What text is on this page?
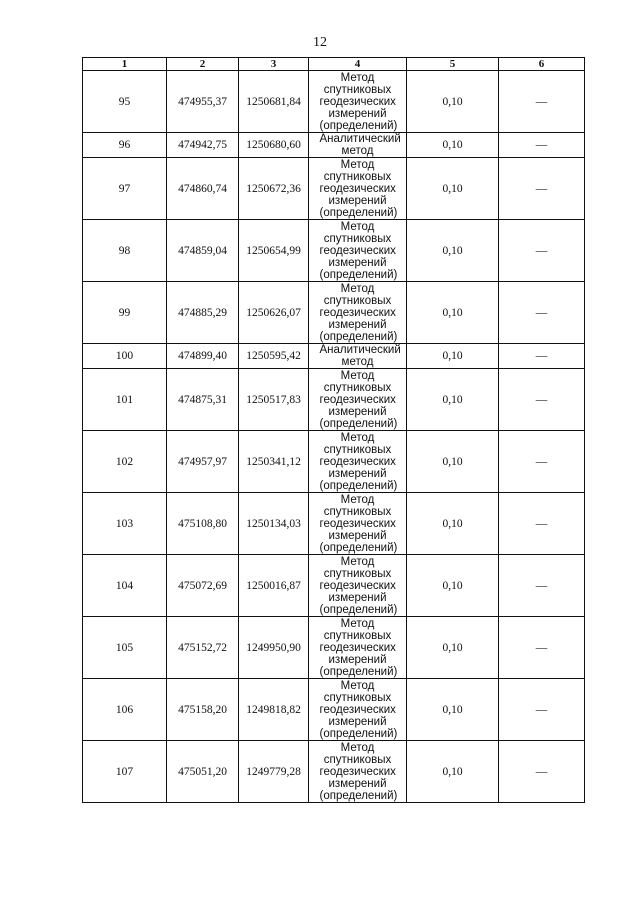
12
1	2	3	4	5	6
95	474955,37	1250681,84	Метод спутниковых геодезических измерений (определений)	0,10	—
96	474942,75	1250680,60	Аналитический метод	0,10	—
97	474860,74	1250672,36	Метод спутниковых геодезических измерений (определений)	0,10	—
98	474859,04	1250654,99	Метод спутниковых геодезических измерений (определений)	0,10	—
99	474885,29	1250626,07	Метод спутниковых геодезических измерений (определений)	0,10	—
100	474899,40	1250595,42	Аналитический метод	0,10	—
101	474875,31	1250517,83	Метод спутниковых геодезических измерений (определений)	0,10	—
102	474957,97	1250341,12	Метод спутниковых геодезических измерений (определений)	0,10	—
103	475108,80	1250134,03	Метод спутниковых геодезических измерений (определений)	0,10	—
104	475072,69	1250016,87	Метод спутниковых геодезических измерений (определений)	0,10	—
105	475152,72	1249950,90	Метод спутниковых геодезических измерений (определений)	0,10	—
106	475158,20	1249818,82	Метод спутниковых геодезических измерений (определений)	0,10	—
107	475051,20	1249779,28	Метод спутниковых геодезических измерений (определений)	0,10	—
